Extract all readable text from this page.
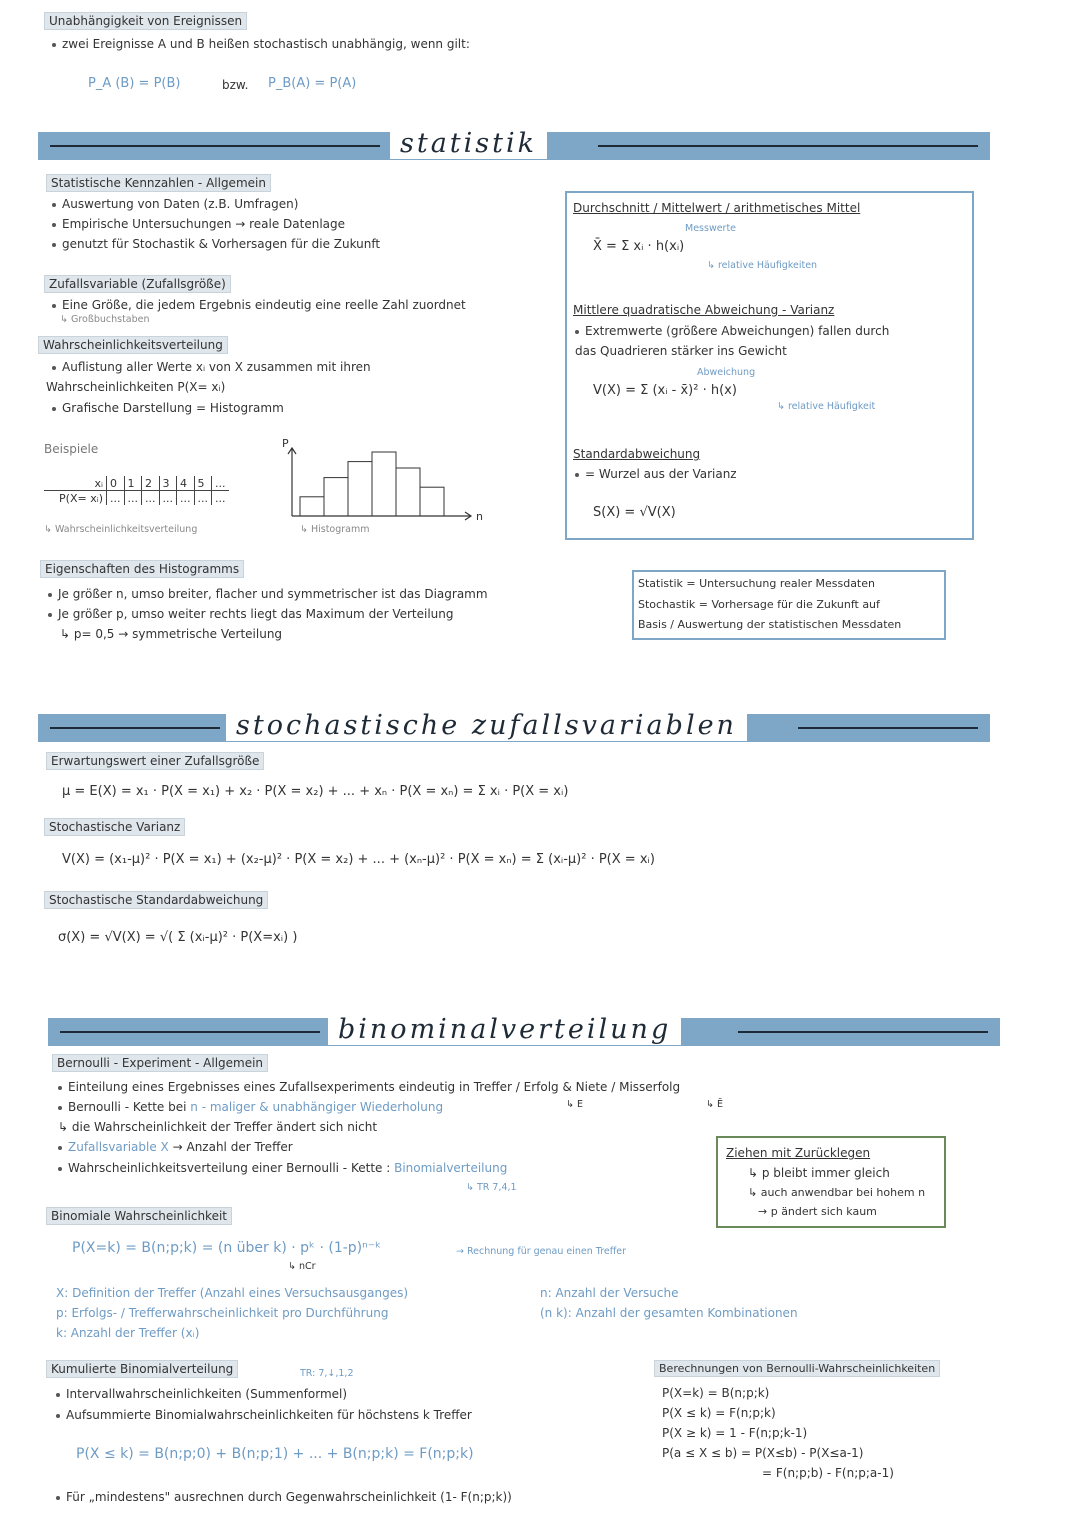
Unabhängigkeit von Ereignissen
zwei Ereignisse A und B heißen stochastisch unabhängig, wenn gilt:
P_A (B) = P(B)	bzw. P_B(A) = P(A)
statistik
Statistische Kennzahlen - Allgemein
Auswertung von Daten (z.B. Umfragen)
Empirische Untersuchungen → reale Datenlage
genutzt für Stochastik & Vorhersagen für die Zukunft
Zufallsvariable (Zufallsgröße)
Eine Größe, die jedem Ergebnis eindeutig eine reelle Zahl zuordnet
↳ Großbuchstaben
Wahrscheinlichkeitsverteilung
Auflistung aller Werte xᵢ von X zusammen mit ihren
Wahrscheinlichkeiten P(X= xᵢ)
Grafische Darstellung = Histogramm
Beispiele
xᵢ	0	1	2	3	4	5	...
P(X= xᵢ)	...	...	...	...	...	...	...
↳ Wahrscheinlichkeitsverteilung
P
n
↳ Histogramm
Eigenschaften des Histogramms
Je größer n, umso breiter, flacher und symmetrischer ist das Diagramm
Je größer p, umso weiter rechts liegt das Maximum der Verteilung
↳ p= 0,5 → symmetrische Verteilung
Durchschnitt / Mittelwert / arithmetisches Mittel
Messwerte
X̄ = Σ xᵢ · h(xᵢ)
↳ relative Häufigkeiten
Mittlere quadratische Abweichung - Varianz
Extremwerte (größere Abweichungen) fallen durch
das Quadrieren stärker ins Gewicht
Abweichung
V(X) = Σ (xᵢ - x̄)² · h(x)
↳ relative Häufigkeit
Standardabweichung
= Wurzel aus der Varianz
S(X) = √V(X)
Statistik = Untersuchung realer Messdaten
Stochastik = Vorhersage für die Zukunft auf
Basis / Auswertung der statistischen Messdaten
stochastische zufallsvariablen
Erwartungswert einer Zufallsgröße
μ = E(X) = x₁ · P(X = x₁) + x₂ · P(X = x₂) + ... + xₙ · P(X = xₙ) = Σ xᵢ · P(X = xᵢ)
Stochastische Varianz
V(X) = (x₁-μ)² · P(X = x₁) + (x₂-μ)² · P(X = x₂) + ... + (xₙ-μ)² · P(X = xₙ) = Σ (xᵢ-μ)² · P(X = xᵢ)
Stochastische Standardabweichung
σ(X) = √V(X) = √( Σ (xᵢ-μ)² · P(X=xᵢ) )
binominalverteilung
Bernoulli - Experiment - Allgemein
Einteilung eines Ergebnisses eines Zufallsexperiments eindeutig in Treffer / Erfolg & Niete / Misserfolg
↳ E	↳ Ē
Bernoulli - Kette bei n - maliger & unabhängiger Wiederholung
↳ die Wahrscheinlichkeit der Treffer ändert sich nicht
Zufallsvariable X → Anzahl der Treffer
Wahrscheinlichkeitsverteilung einer Bernoulli - Kette : Binomialverteilung
↳ TR 7,4,1
Ziehen mit Zurücklegen
↳ p bleibt immer gleich
↳ auch anwendbar bei hohem n
→ p ändert sich kaum
Binomiale Wahrscheinlichkeit
P(X=k) = B(n;p;k) = (n über k) · pᵏ · (1-p)ⁿ⁻ᵏ
↳ nCr
→ Rechnung für genau einen Treffer
X: Definition der Treffer (Anzahl eines Versuchsausganges)
p: Erfolgs- / Trefferwahrscheinlichkeit pro Durchführung
k: Anzahl der Treffer (xᵢ)
n: Anzahl der Versuche
(n k): Anzahl der gesamten Kombinationen
Kumulierte Binomialverteilung	TR: 7,↓,1,2
Intervallwahrscheinlichkeiten (Summenformel)
Aufsummierte Binomialwahrscheinlichkeiten für höchstens k Treffer
P(X ≤ k) = B(n;p;0) + B(n;p;1) + ... + B(n;p;k) = F(n;p;k)
Für „mindestens" ausrechnen durch Gegenwahrscheinlichkeit (1- F(n;p;k))
Berechnungen von Bernoulli-Wahrscheinlichkeiten
P(X=k) = B(n;p;k)
P(X ≤ k) = F(n;p;k)
P(X ≥ k) = 1 - F(n;p;k-1)
P(a ≤ X ≤ b) = P(X≤b) - P(X≤a-1)
= F(n;p;b) - F(n;p;a-1)
